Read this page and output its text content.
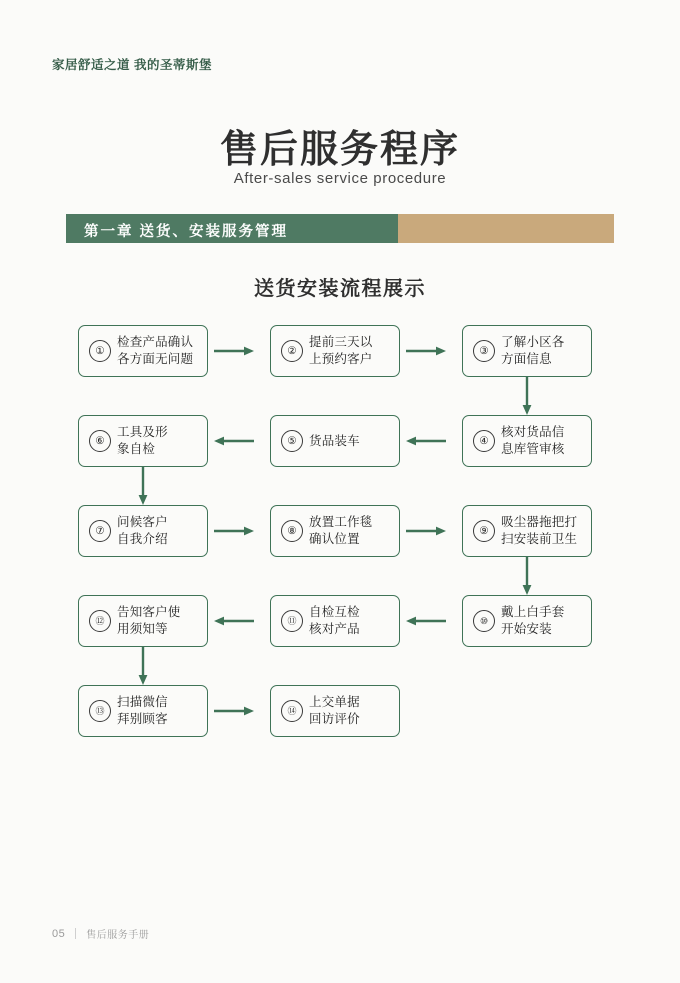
家居舒适之道 我的圣蒂斯堡
售后服务程序
After-sales service procedure
第一章 送货、安装服务管理
送货安装流程展示
①
检查产品确认
各方面无问题
②
提前三天以
上预约客户
③
了解小区各
方面信息
④
核对货品信
息库管审核
⑤ 货品装车
⑥
工具及形
象自检
⑦
问候客户
自我介绍
⑧
放置工作毯
确认位置
⑨
吸尘器拖把打
扫安装前卫生
⑩
戴上白手套
开始安装
⑪
自检互检
核对产品
⑫
告知客户使
用须知等
⑬
扫描微信
拜别顾客
⑭
上交单据
回访评价
05 售后服务手册
